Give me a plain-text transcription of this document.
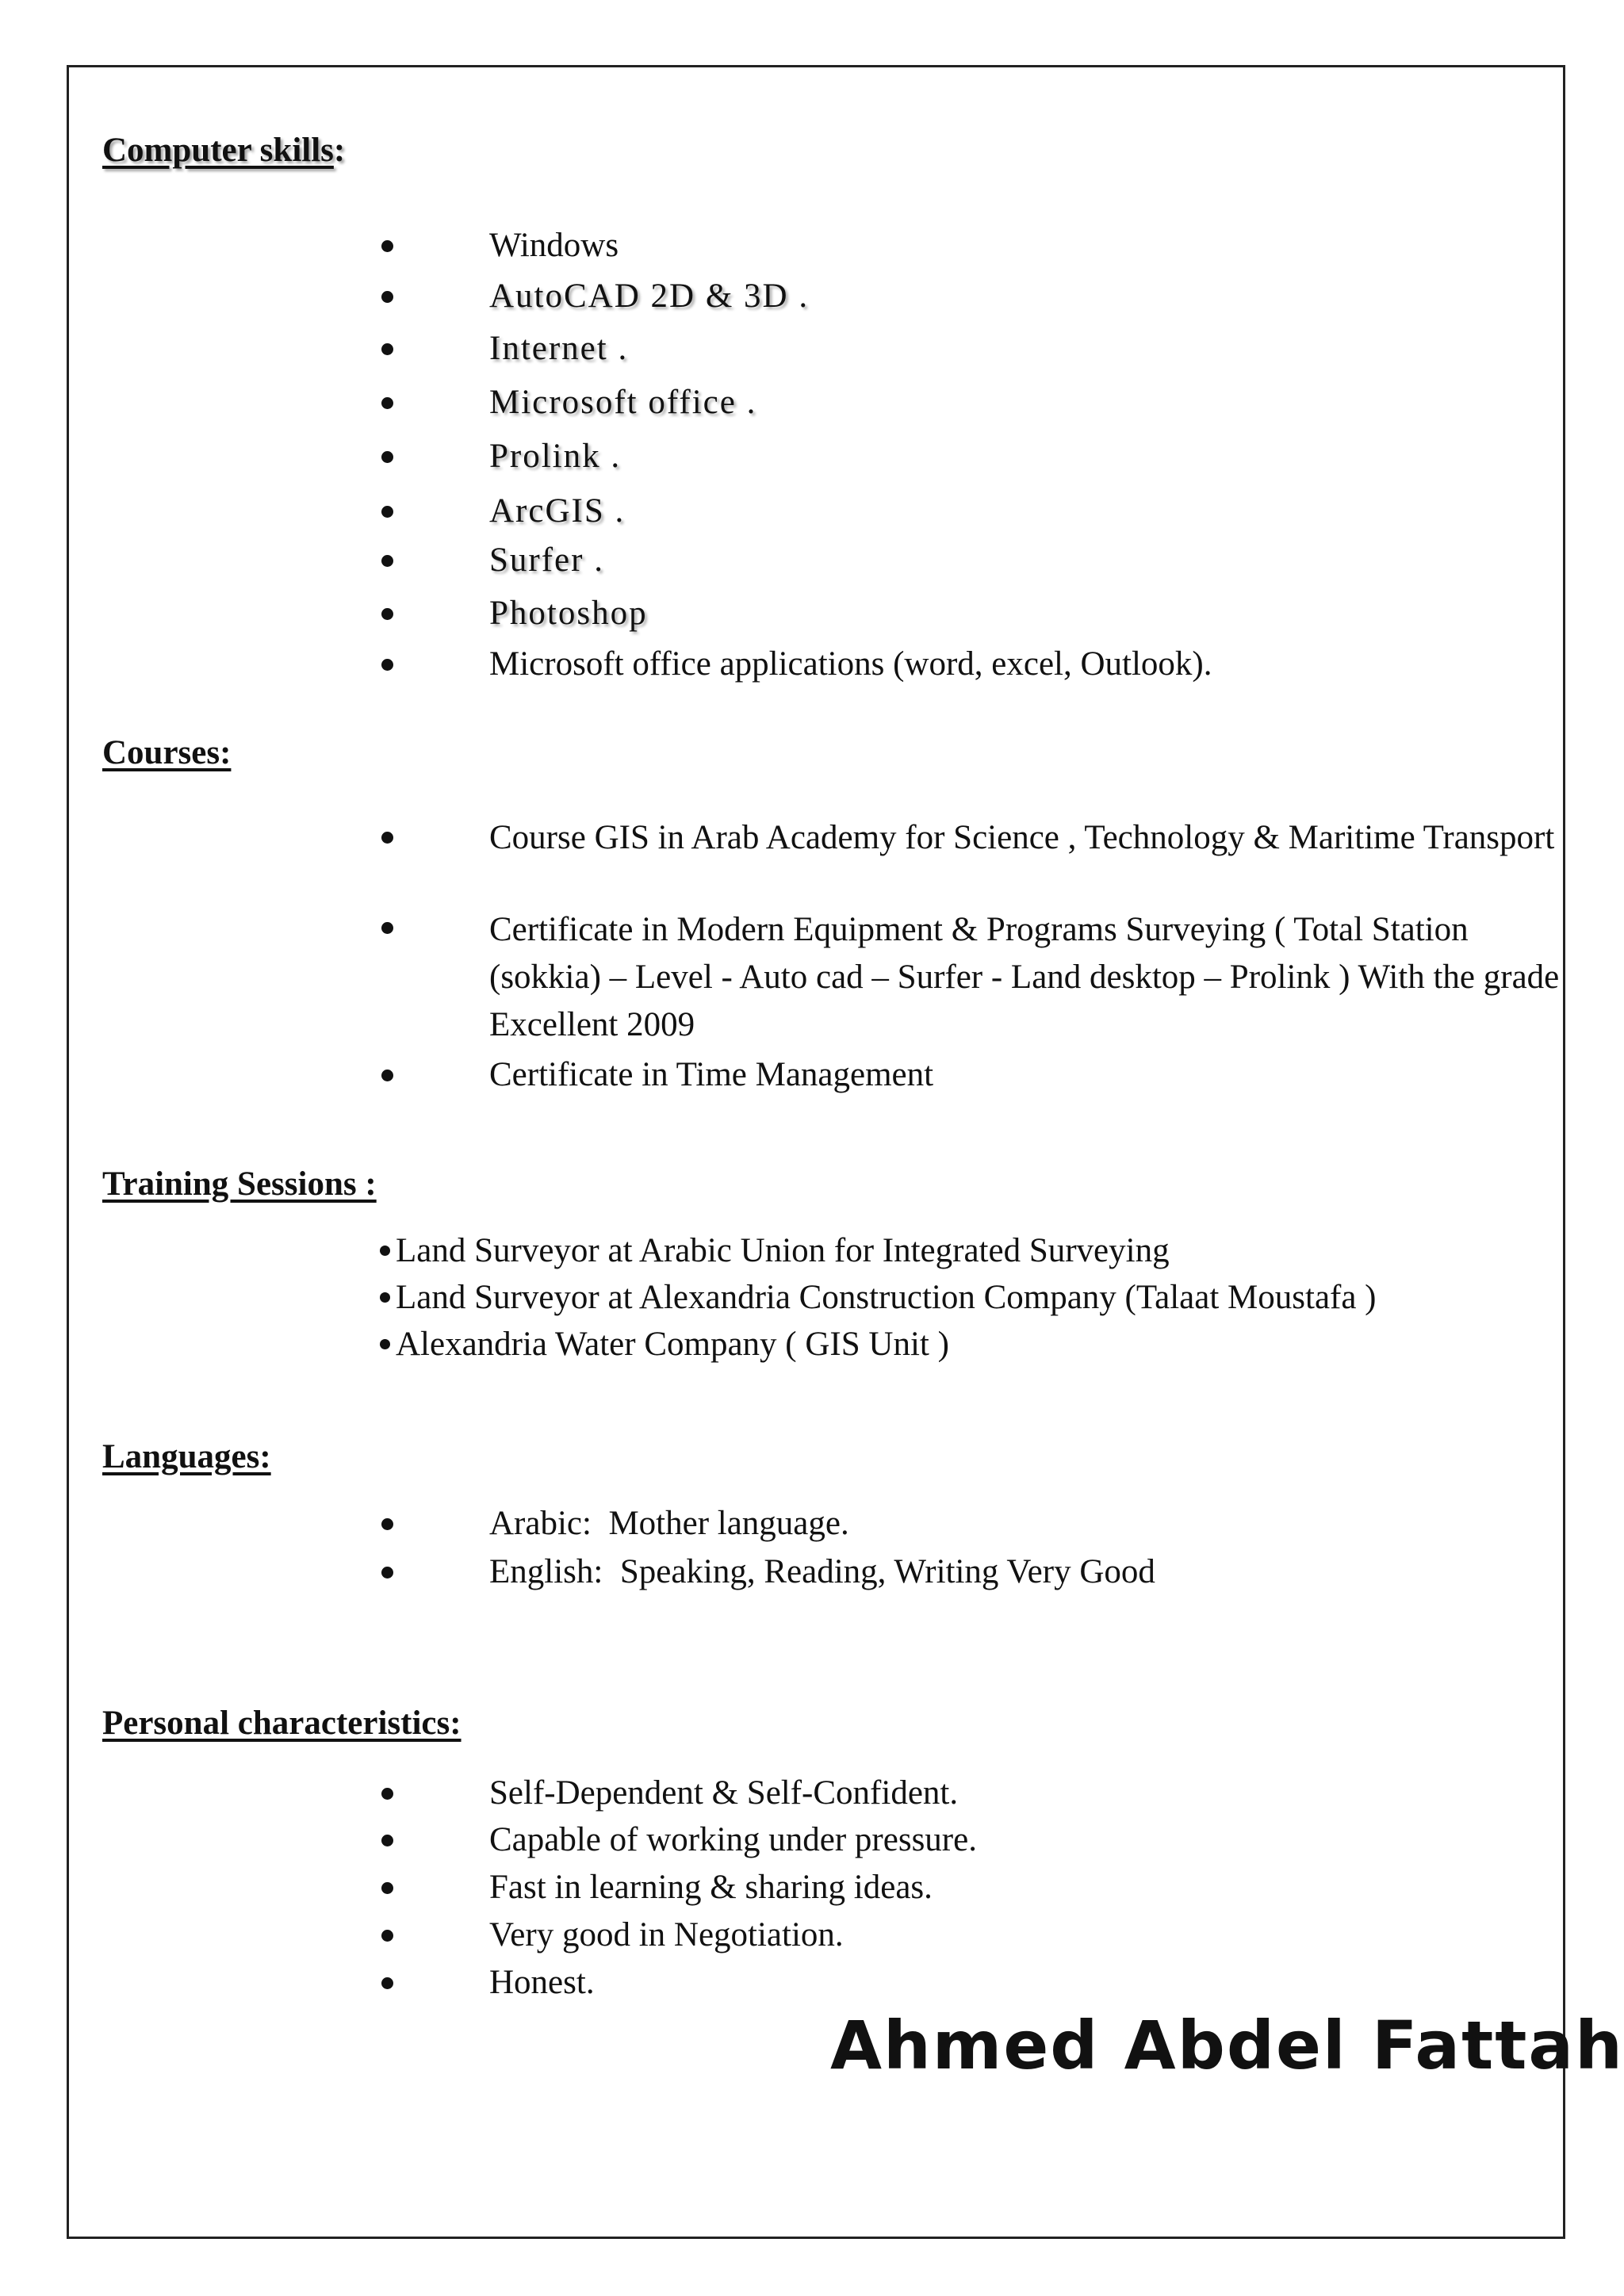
Computer skills:
Windows
AutoCAD 2D & 3D .
Internet .
Microsoft office .
Prolink .
ArcGIS .
Surfer .
Photoshop
Microsoft office applications (word, excel, Outlook).
Courses:
Course GIS in Arab Academy for Science , Technology & Maritime Transport
Certificate in Modern Equipment & Programs Surveying ( Total Station (sokkia) – Level - Auto cad – Surfer - Land desktop – Prolink ) With the grade Excellent 2009
Certificate in Time Management
Training Sessions :
Land Surveyor at Arabic Union for Integrated Surveying
Land Surveyor at Alexandria Construction Company (Talaat Moustafa )
Alexandria Water Company ( GIS Unit )
Languages:
Arabic:  Mother language.
English:  Speaking, Reading, Writing Very Good
Personal characteristics:
Self-Dependent & Self-Confident.
Capable of working under pressure.
Fast in learning & sharing ideas.
Very good in Negotiation.
Honest.

Ahmed Abdel Fattah
